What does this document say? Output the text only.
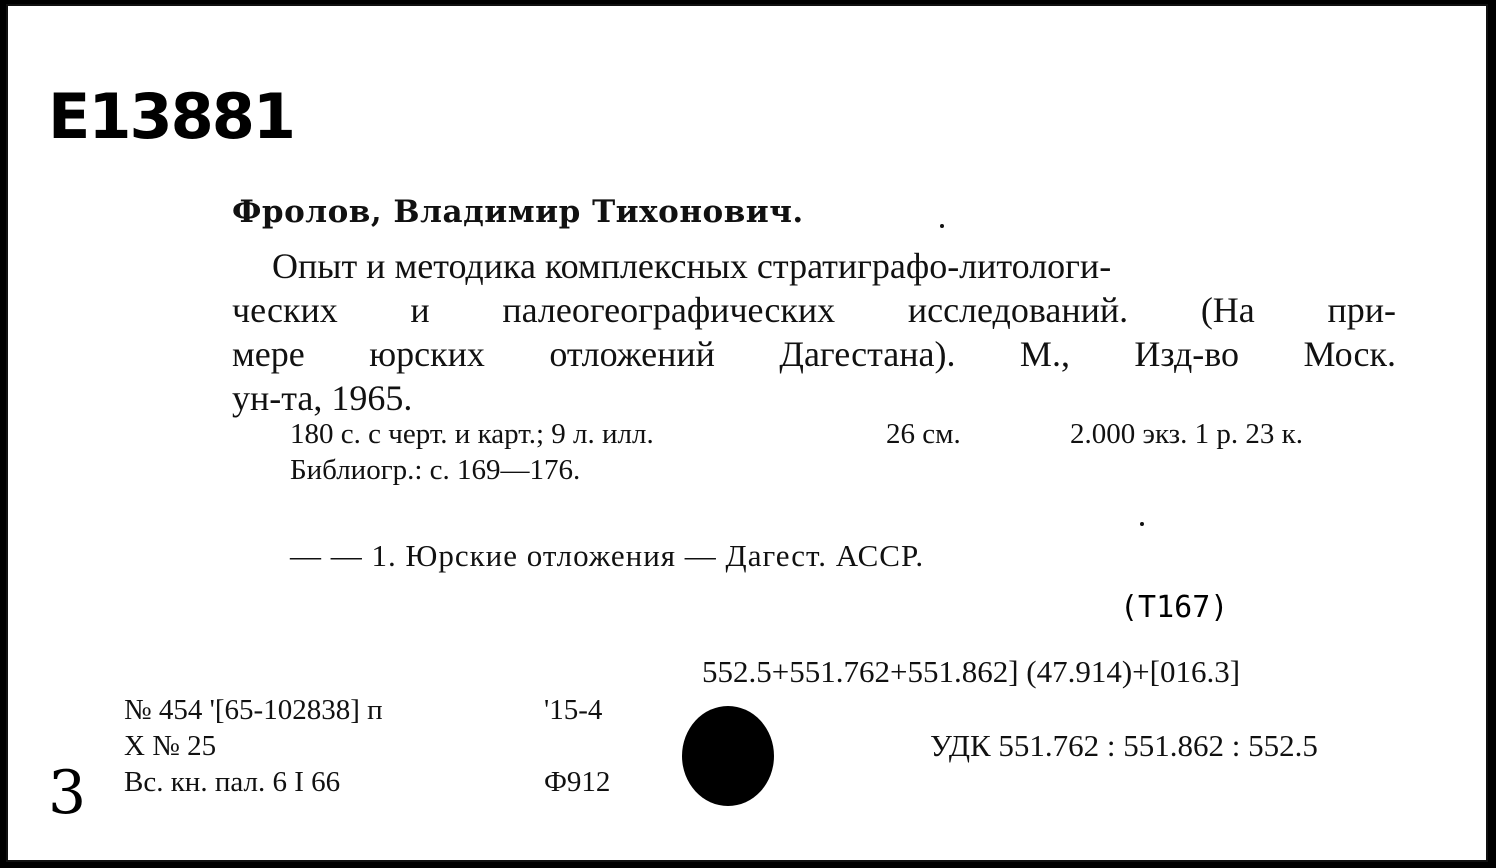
E13881
Фролов, Владимир Тихонович.
Опыт и методика комплексных стратиграфо-литологи-
ческих и палеогеографических исследований. (На при-
мере юрских отложений Дагестана). М., Изд-во Моск.
ун-та, 1965.
180 с. с черт. и карт.; 9 л. илл.	26 см.	2.000 экз. 1 р. 23 к.
Библиогр.: с. 169—176.
— — 1. Юрские отложения — Дагест. АССР.
(Т167)
552.5+551.762+551.862] (47.914)+[016.3]
№ 454 '[65-102838] п	'15-4
Х № 25
Вс. кн. пал. 6 I 66	Ф912
УДК 551.762 : 551.862 : 552.5
3
